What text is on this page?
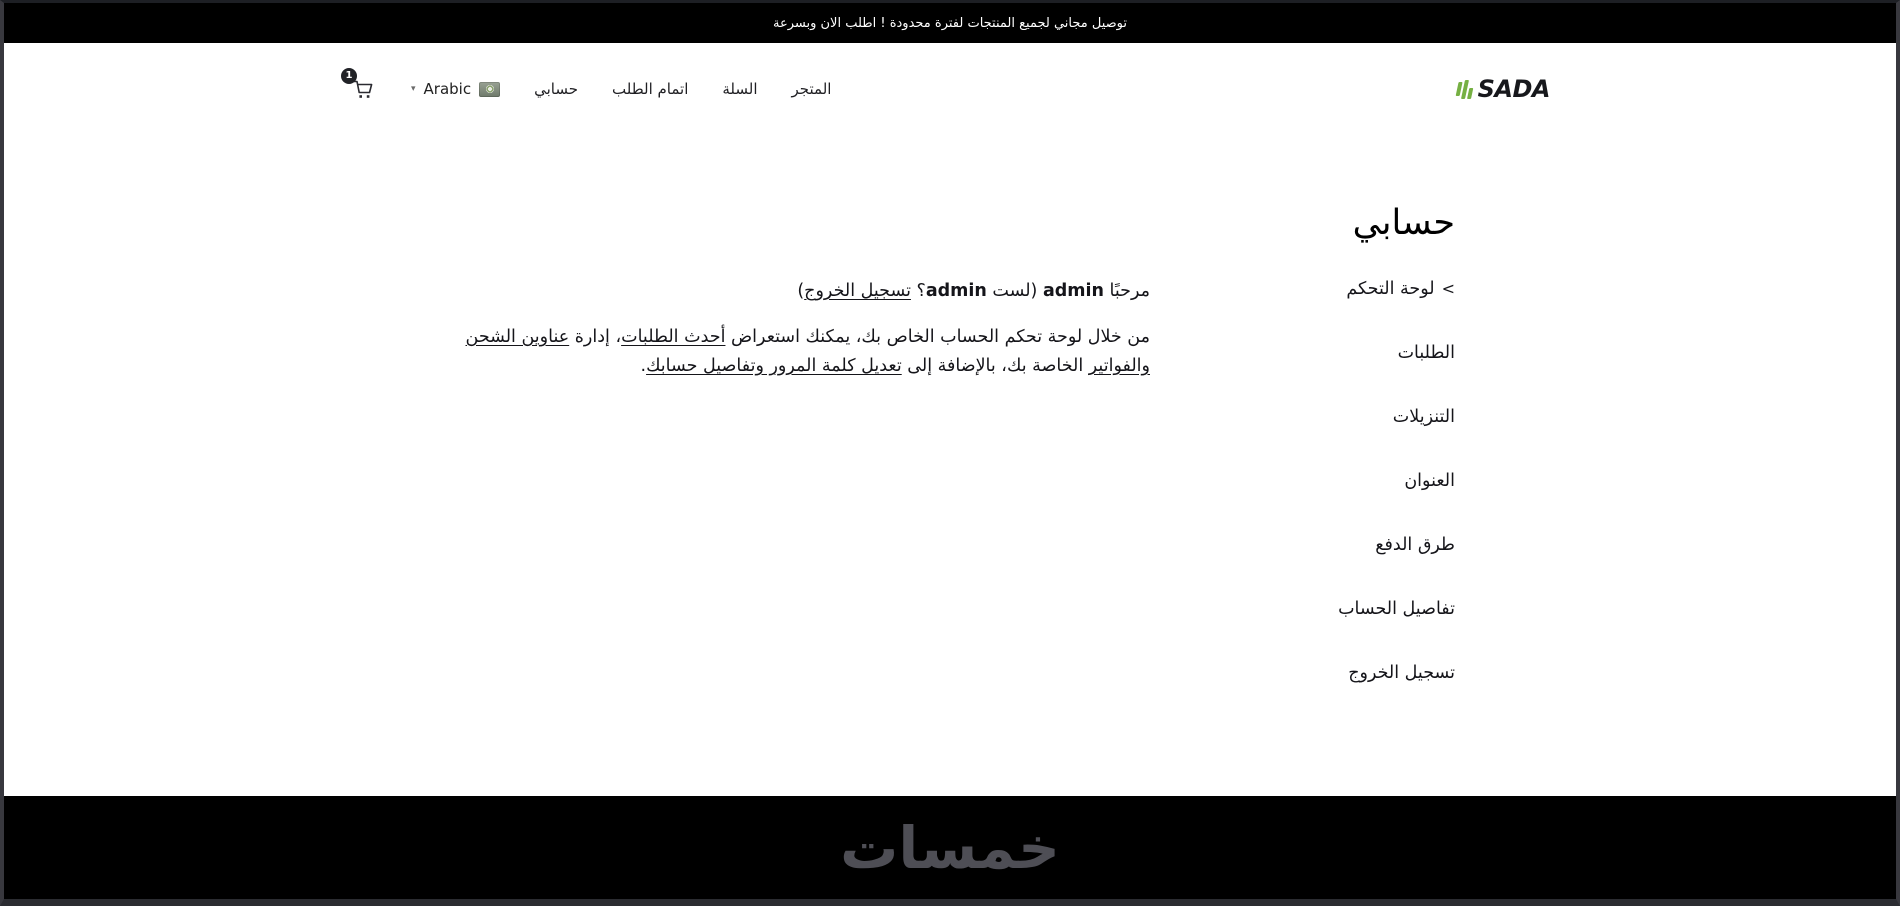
توصيل مجاني لجميع المنتجات لفترة محدودة ! اطلب الان وبسرعة
SADA
المتجر
السلة
اتمام الطلب
حسابي
Arabic
▾
1
حسابي
<
لوحة التحكم
الطلبات
التنزيلات
العنوان
طرق الدفع
تفاصيل الحساب
تسجيل الخروج

مرحبًا admin (لست admin؟ تسجيل الخروج)

من خلال لوحة تحكم الحساب الخاص بك، يمكنك استعراض أحدث الطلبات، إدارة عناوين الشحن والفواتير الخاصة بك، بالإضافة إلى تعديل كلمة المرور وتفاصيل حسابك.

خمسات
